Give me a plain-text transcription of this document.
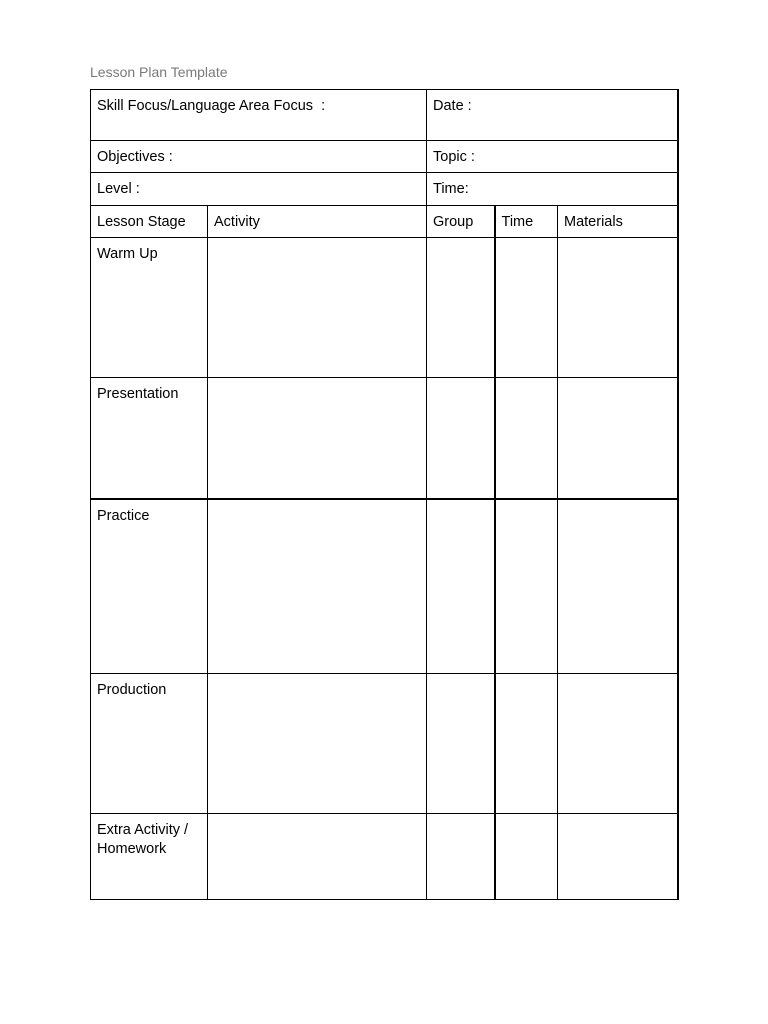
Lesson Plan Template
Skill Focus/Language Area Focus  :		Date :		

Objectives :		Topic :		

Level :		Time:		

Lesson Stage	Activity	Group	Time	Materials

Warm Up				

Presentation				

Practice				

Production				

Extra Activity / Homework				
